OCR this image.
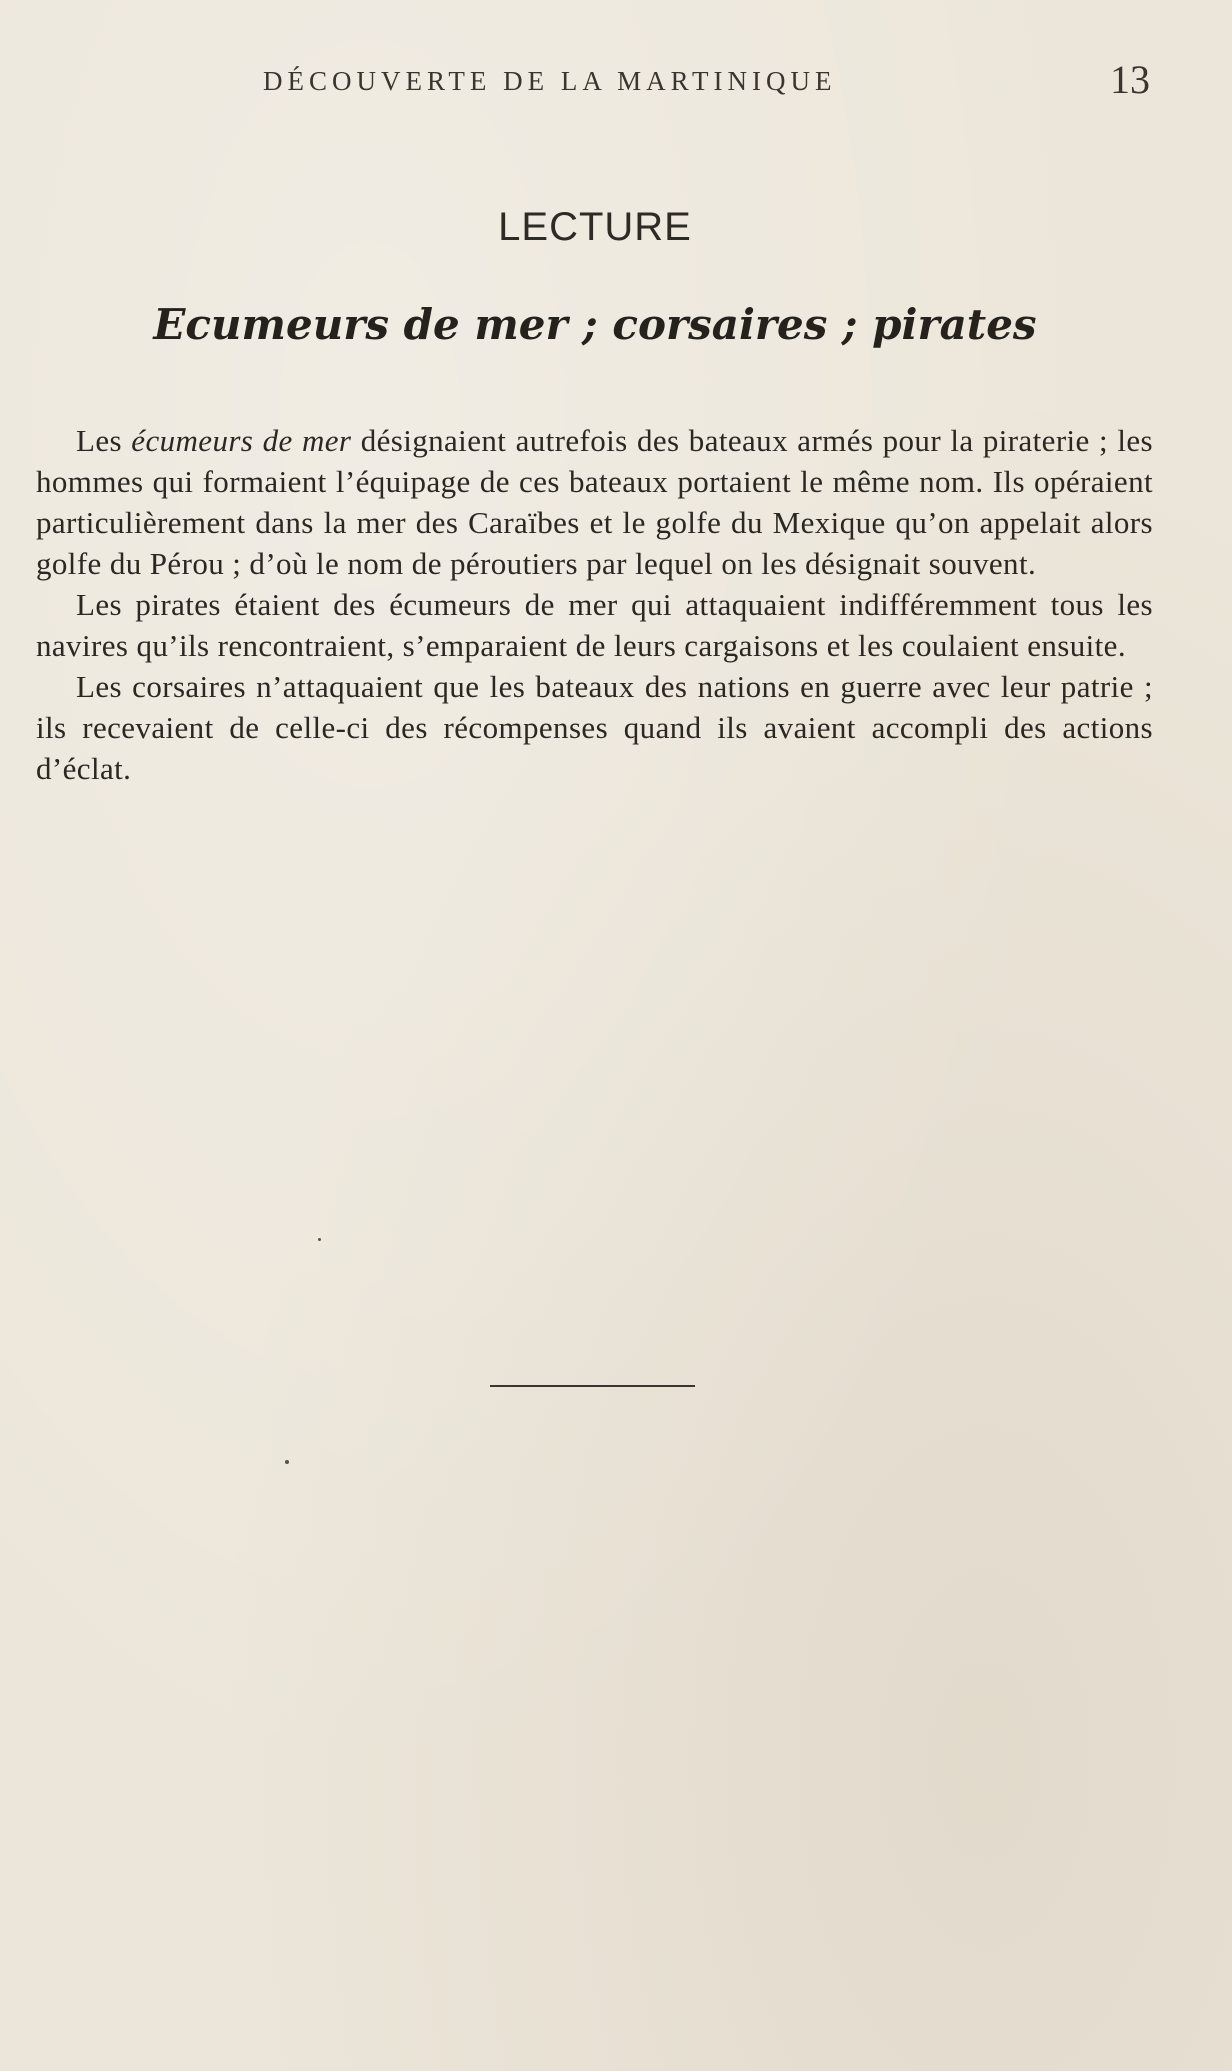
DÉCOUVERTE DE LA MARTINIQUE	13
LECTURE
Ecumeurs de mer ; corsaires ; pirates

Les écumeurs de mer désignaient autrefois des bateaux armés pour la piraterie ; les hommes qui formaient l’équipage de ces bateaux portaient le même nom. Ils opéraient particulièrement dans la mer des Caraïbes et le golfe du Mexique qu’on appelait alors golfe du Pérou ; d’où le nom de péroutiers par lequel on les désignait souvent.

Les pirates étaient des écumeurs de mer qui attaquaient indifféremment tous les navires qu’ils rencontraient, s’emparaient de leurs cargaisons et les coulaient ensuite.

Les corsaires n’attaquaient que les bateaux des nations en guerre avec leur patrie ; ils recevaient de celle-ci des récompenses quand ils avaient accompli des actions d’éclat.
